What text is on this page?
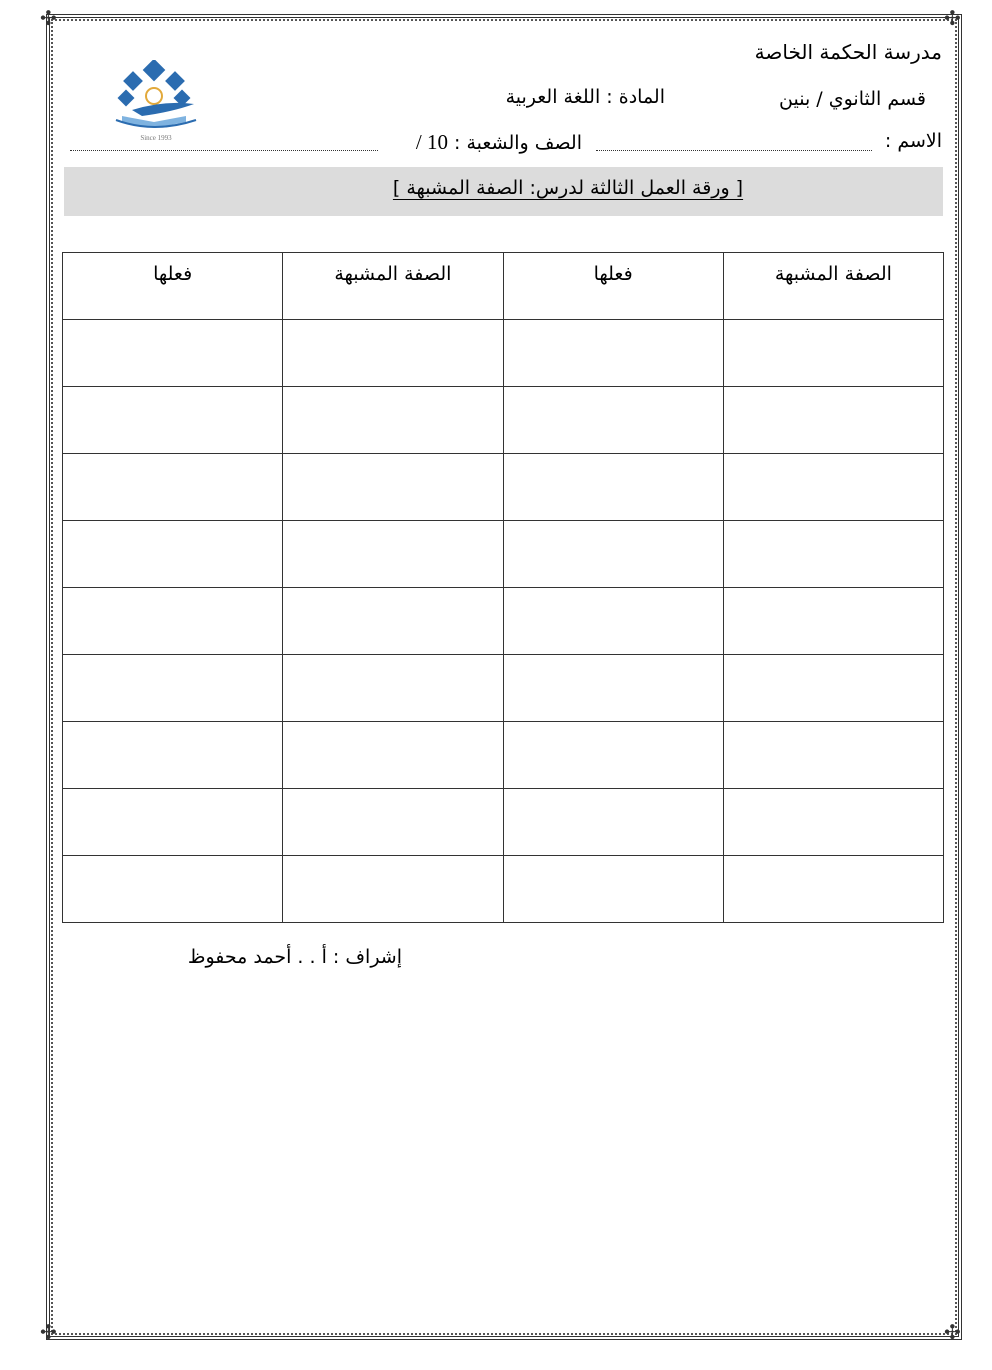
✣	✣
✣	✣
مدرسة الحكمة الخاصة
قسم الثانوي / بنين
المادة : اللغة العربية
Since 1993	الاسم :
الصف والشعبة : 10 /
[ ورقة العمل الثالثة لدرس: الصفة المشبهة ]
الصفة المشبهة	فعلها	الصفة المشبهة	فعلها

إشراف : أ . . أحمد محفوظ
